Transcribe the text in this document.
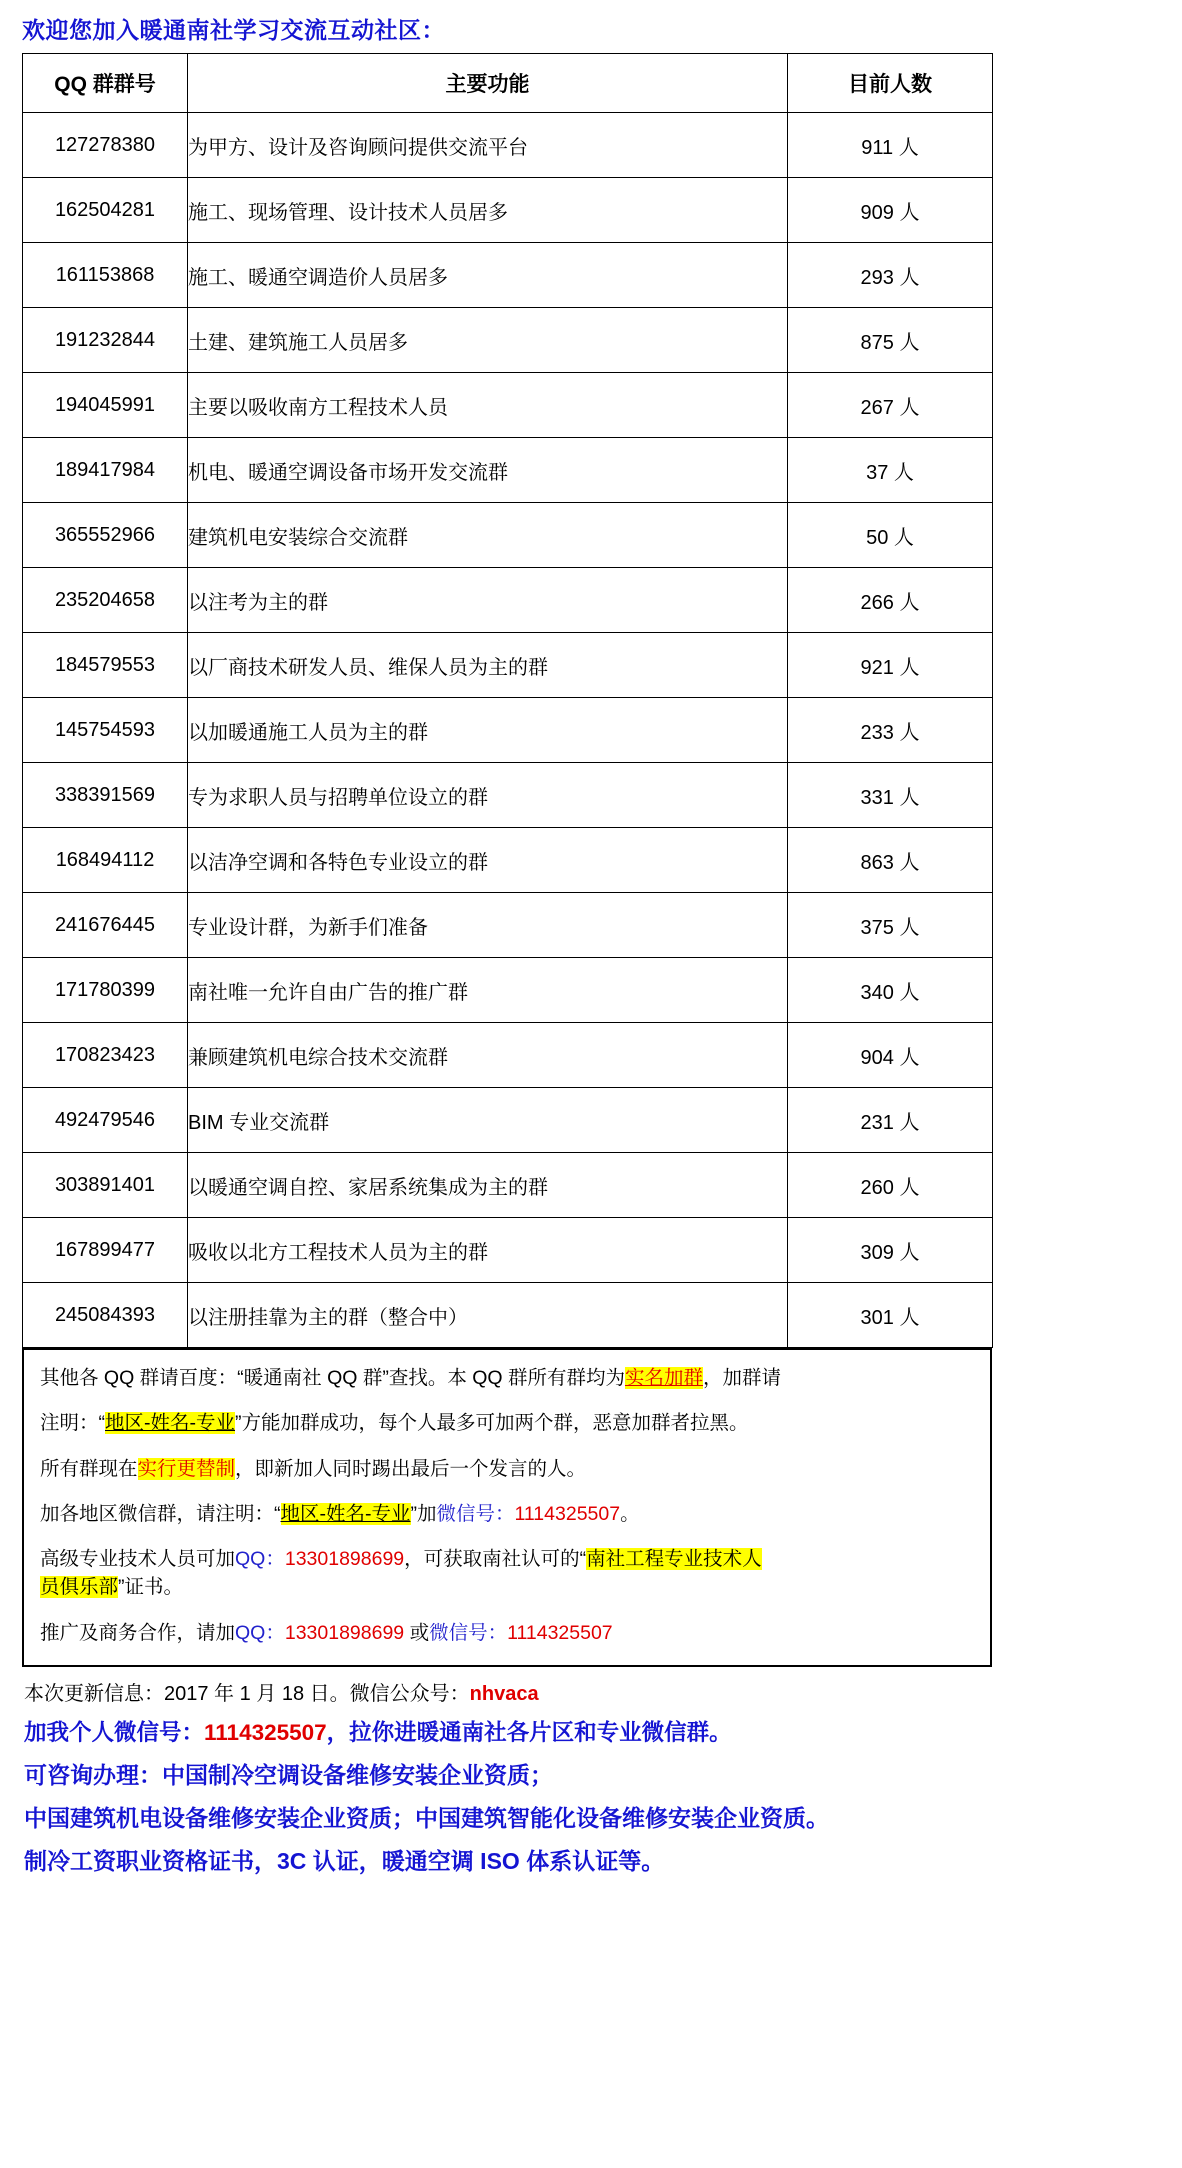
欢迎您加入暖通南社学习交流互动社区：
QQ 群群号	主要功能	目前人数
127278380	为甲方、设计及咨询顾问提供交流平台	911 人
162504281	施工、现场管理、设计技术人员居多	909 人
161153868	施工、暖通空调造价人员居多	293 人
191232844	土建、建筑施工人员居多	875 人
194045991	主要以吸收南方工程技术人员	267 人
189417984	机电、暖通空调设备市场开发交流群	37 人
365552966	建筑机电安装综合交流群	50 人
235204658	以注考为主的群	266 人
184579553	以厂商技术研发人员、维保人员为主的群	921 人
145754593	以加暖通施工人员为主的群	233 人
338391569	专为求职人员与招聘单位设立的群	331 人
168494112	以洁净空调和各特色专业设立的群	863 人
241676445	专业设计群，为新手们准备	375 人
171780399	南社唯一允许自由广告的推广群	340 人
170823423	兼顾建筑机电综合技术交流群	904 人
492479546	BIM 专业交流群	231 人
303891401	以暖通空调自控、家居系统集成为主的群	260 人
167899477	吸收以北方工程技术人员为主的群	309 人
245084393	以注册挂靠为主的群（整合中）	301 人

其他各 QQ 群请百度：“暖通南社 QQ 群”查找。本 QQ 群所有群均为实名加群，加群请

注明：“地区-姓名-专业”方能加群成功，每个人最多可加两个群，恶意加群者拉黑。

所有群现在实行更替制，即新加人同时踢出最后一个发言的人。

加各地区微信群，请注明：“地区-姓名-专业”加微信号：1114325507。

高级专业技术人员可加QQ：13301898699，可获取南社认可的“南社工程专业技术人
员俱乐部”证书。

推广及商务合作，请加QQ：13301898699 或微信号：1114325507

本次更新信息：2017 年 1 月 18 日。微信公众号：nhvaca
加我个人微信号：1114325507，拉你进暖通南社各片区和专业微信群。
可咨询办理：中国制冷空调设备维修安装企业资质；
中国建筑机电设备维修安装企业资质；中国建筑智能化设备维修安装企业资质。
制冷工资职业资格证书，3C 认证，暖通空调 ISO 体系认证等。
